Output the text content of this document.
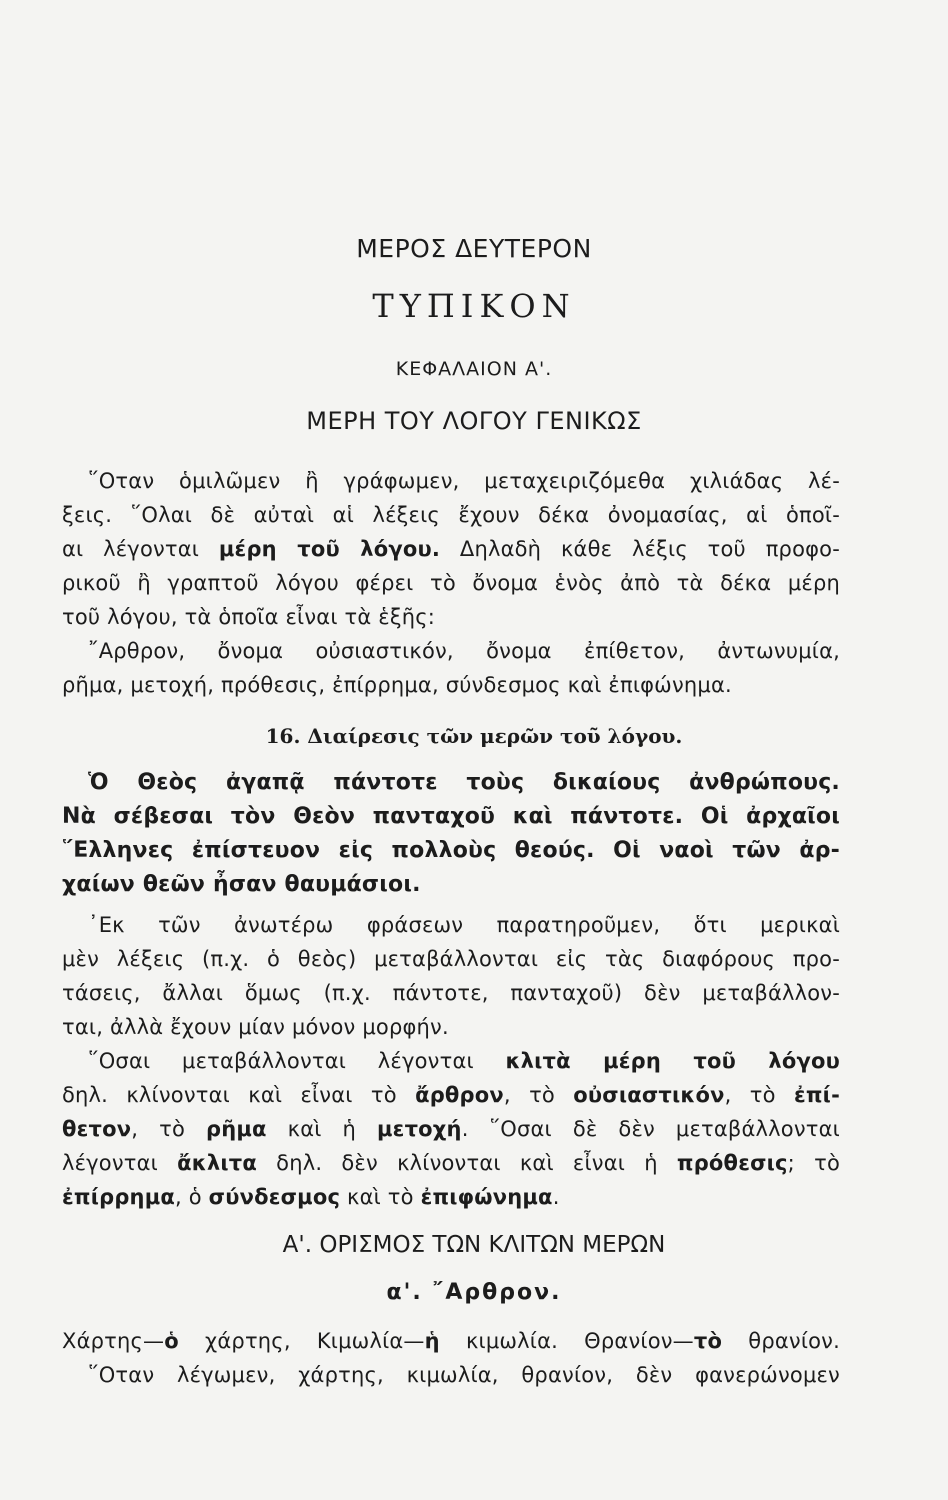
ΜΕΡΟΣ ΔΕΥΤΕΡΟΝ
ΤΥΠΙΚΟΝ
ΚΕΦΑΛΑΙΟΝ Α'.
ΜΕΡΗ ΤΟΥ ΛΟΓΟΥ ΓΕΝΙΚΩΣ
῞Οταν ὁμιλῶμεν ἢ γράφωμεν, μεταχειριζόμεθα χιλιάδας λέ-
ξεις. ῞Ολαι δὲ αὐταὶ αἱ λέξεις ἔχουν δέκα ὀνομασίας, αἱ ὁποῖ-
αι λέγονται μέρη τοῦ λόγου. Δηλαδὴ κάθε λέξις τοῦ προφο-
ρικοῦ ἢ γραπτοῦ λόγου φέρει τὸ ὄνομα ἑνὸς ἀπὸ τὰ δέκα μέρη
τοῦ λόγου, τὰ ὁποῖα εἶναι τὰ ἑξῆς:
῎Αρθρον, ὄνομα οὐσιαστικόν, ὄνομα ἐπίθετον, ἀντωνυμία,
ρῆμα, μετοχή, πρόθεσις, ἐπίρρημα, σύνδεσμος καὶ ἐπιφώνημα.
16. Διαίρεσις τῶν μερῶν τοῦ λόγου.
Ὁ Θεὸς ἀγαπᾷ πάντοτε τοὺς δικαίους ἀνθρώπους.
Νὰ σέβεσαι τὸν Θεὸν πανταχοῦ καὶ πάντοτε. Οἱ ἀρχαῖοι
῞Ελληνες ἐπίστευον εἰς πολλοὺς θεούς. Οἱ ναοὶ τῶν ἀρ-
χαίων θεῶν ἦσαν θαυμάσιοι.
᾿Εκ τῶν ἀνωτέρω φράσεων παρατηροῦμεν, ὅτι μερικαὶ
μὲν λέξεις (π.χ. ὁ θεὸς) μεταβάλλονται εἰς τὰς διαφόρους προ-
τάσεις, ἄλλαι ὅμως (π.χ. πάντοτε, πανταχοῦ) δὲν μεταβάλλον-
ται, ἀλλὰ ἔχουν μίαν μόνον μορφήν.
῞Οσαι μεταβάλλονται λέγονται κλιτὰ μέρη τοῦ λόγου
δηλ. κλίνονται καὶ εἶναι τὸ ἄρθρον, τὸ οὐσιαστικόν, τὸ ἐπί-
θετον, τὸ ρῆμα καὶ ἡ μετοχή. ῞Οσαι δὲ δὲν μεταβάλλονται
λέγονται ἄκλιτα δηλ. δὲν κλίνονται καὶ εἶναι ἡ πρόθεσις; τὸ
ἐπίρρημα, ὁ σύνδεσμος καὶ τὸ ἐπιφώνημα.
Α'. ΟΡΙΣΜΟΣ ΤΩΝ ΚΛΙΤΩΝ ΜΕΡΩΝ
α'. ῎Αρθρον.
Χάρτης—ὁ χάρτης, Κιμωλία—ἡ κιμωλία. Θρανίον—τὸ θρανίον.
῞Οταν λέγωμεν, χάρτης, κιμωλία, θρανίον, δὲν φανερώνομεν
